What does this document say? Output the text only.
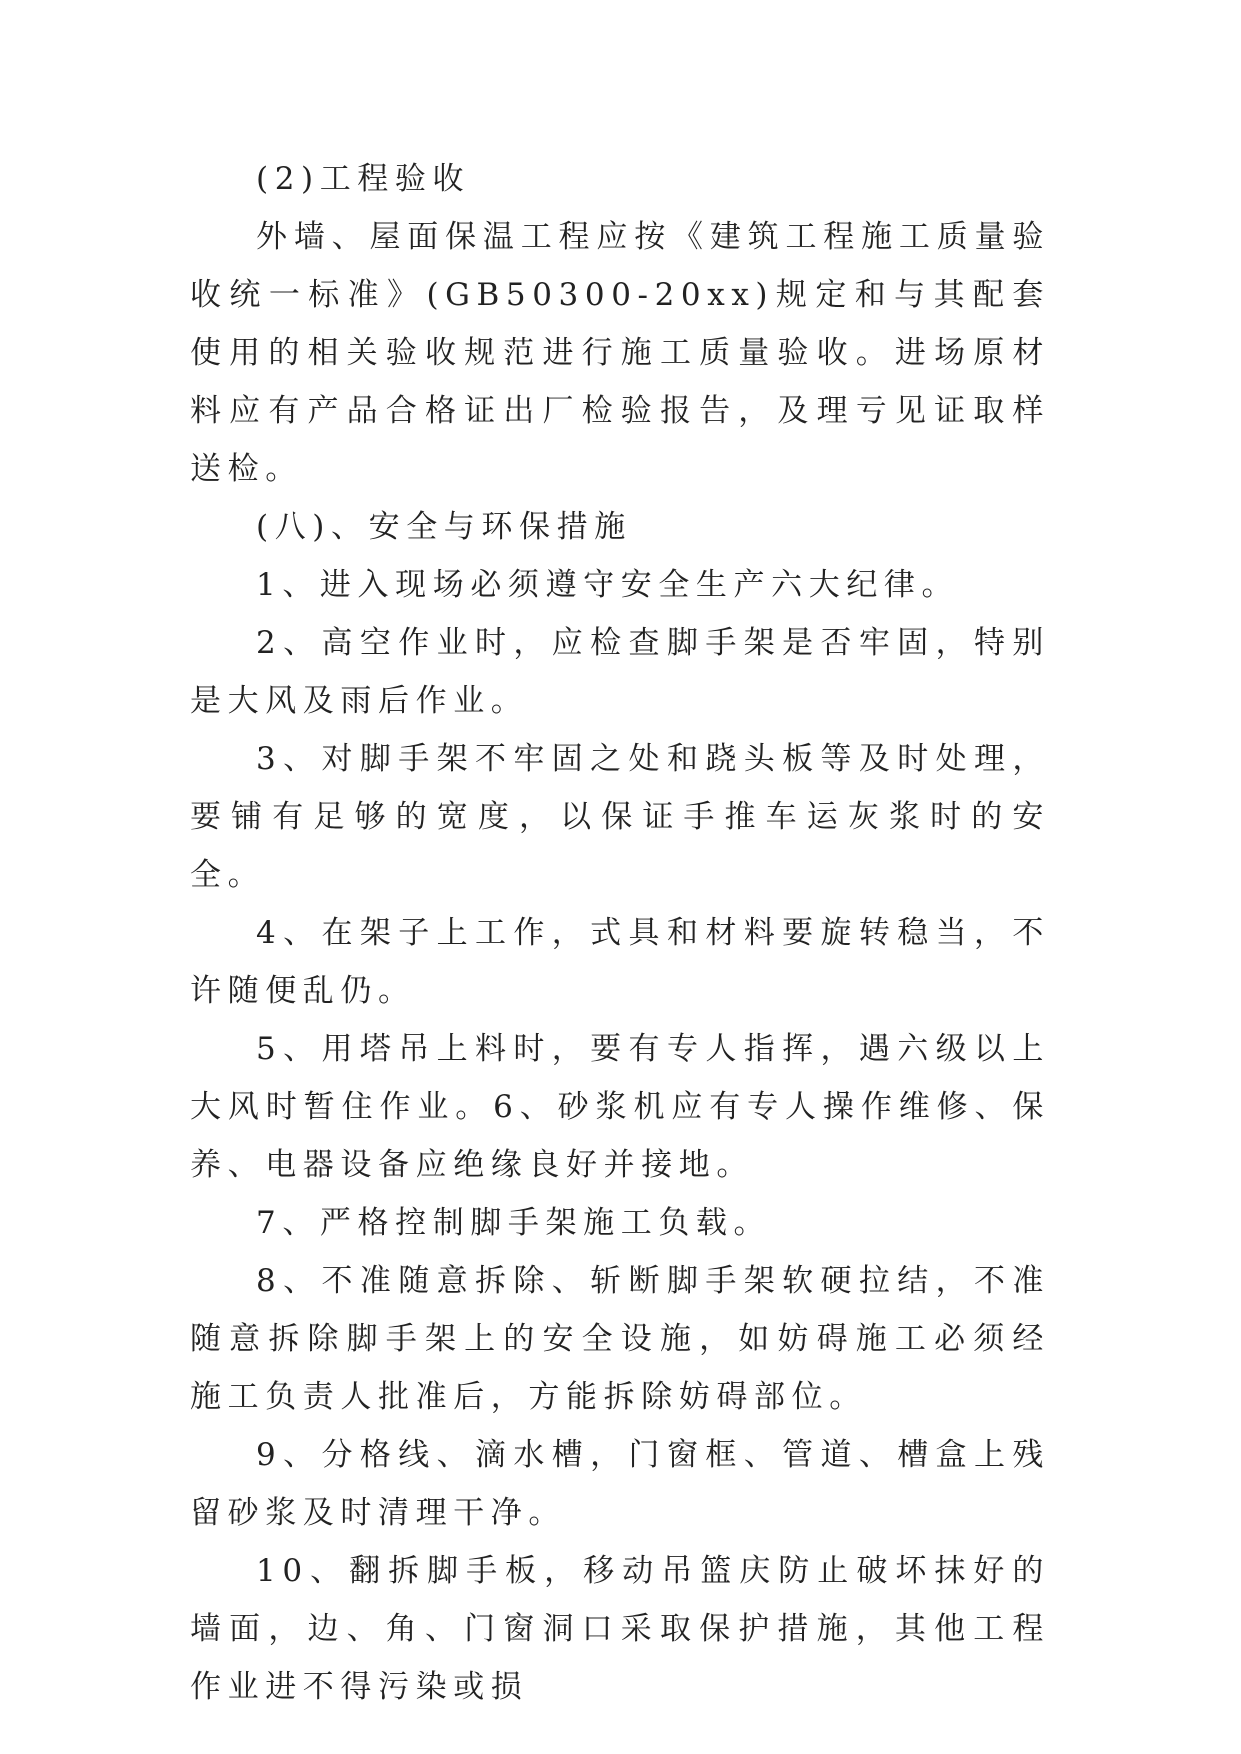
(2)工程验收

外墙、屋面保温工程应按《建筑工程施工质量验收统一标准》(GB50300-20xx)规定和与其配套使用的相关验收规范进行施工质量验收。进场原材料应有产品合格证出厂检验报告，及理亏见证取样送检。

(八)、安全与环保措施

1、进入现场必须遵守安全生产六大纪律。

2、高空作业时，应检查脚手架是否牢固，特别是大风及雨后作业。

3、对脚手架不牢固之处和跷头板等及时处理，要铺有足够的宽度，以保证手推车运灰浆时的安全。

4、在架子上工作，式具和材料要旋转稳当，不许随便乱仍。

5、用塔吊上料时，要有专人指挥，遇六级以上大风时暂住作业。6、砂浆机应有专人操作维修、保养、电器设备应绝缘良好并接地。

7、严格控制脚手架施工负载。

8、不准随意拆除、斩断脚手架软硬拉结，不准随意拆除脚手架上的安全设施，如妨碍施工必须经施工负责人批准后，方能拆除妨碍部位。

9、分格线、滴水槽，门窗框、管道、槽盒上残留砂浆及时清理干净。

10、翻拆脚手板，移动吊篮庆防止破坏抹好的墙面，边、角、门窗洞口采取保护措施，其他工程作业进不得污染或损
